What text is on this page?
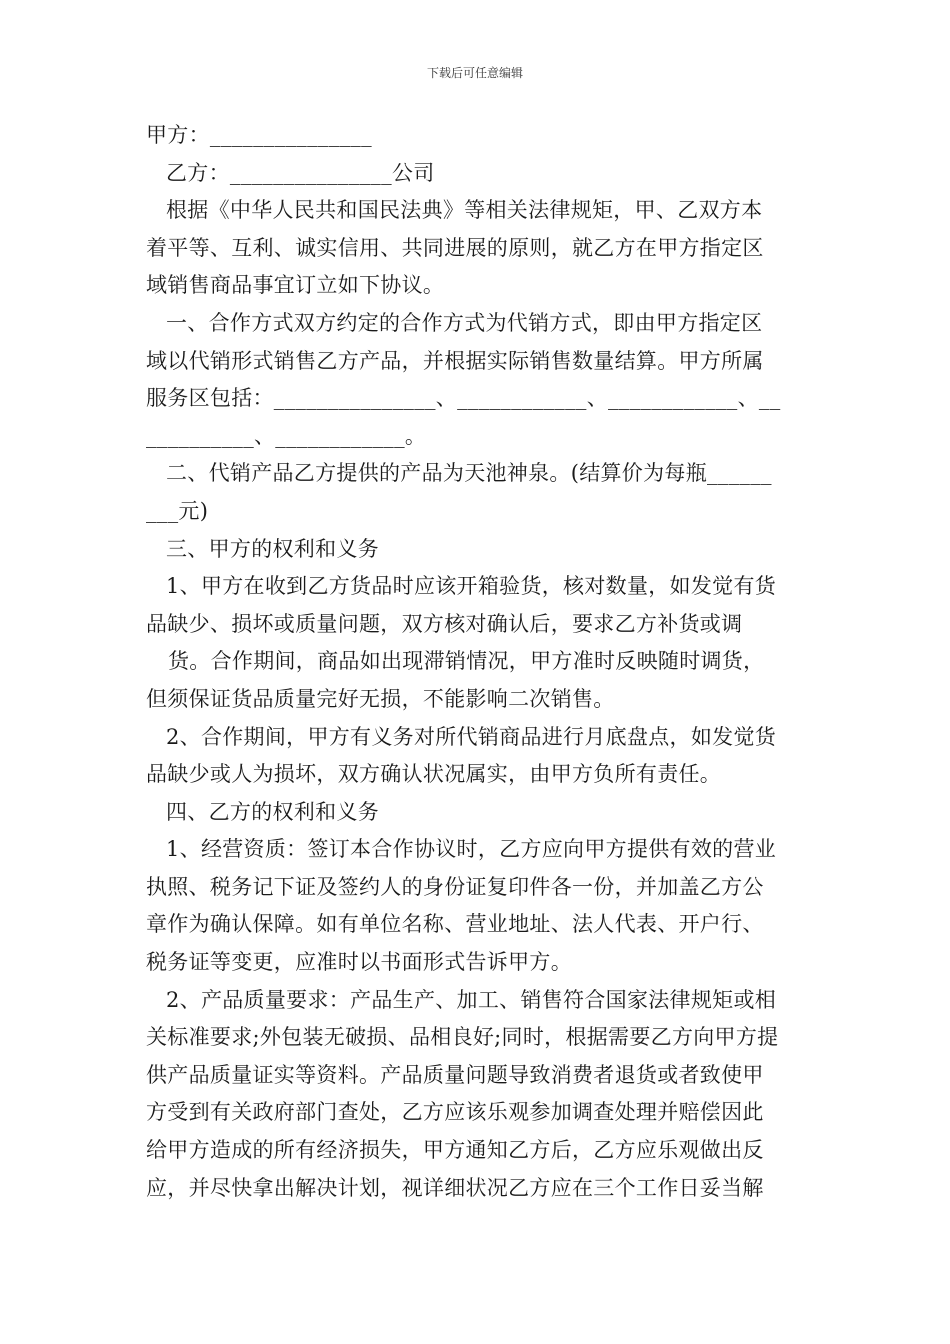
下载后可任意编辑
甲方：_______________
乙方：_______________公司
根据《中华人民共和国民法典》等相关法律规矩，甲、乙双方本
着平等、互利、诚实信用、共同进展的原则，就乙方在甲方指定区
域销售商品事宜订立如下协议。
一、合作方式双方约定的合作方式为代销方式，即由甲方指定区
域以代销形式销售乙方产品，并根据实际销售数量结算。甲方所属
服务区包括：_______________、____________、____________、__
__________、____________。
二、代销产品乙方提供的产品为天池神泉。(结算价为每瓶______
___元)
三、甲方的权利和义务
1、甲方在收到乙方货品时应该开箱验货，核对数量，如发觉有货
品缺少、损坏或质量问题，双方核对确认后，要求乙方补货或调
货。合作期间，商品如出现滞销情况，甲方准时反映随时调货，
但须保证货品质量完好无损，不能影响二次销售。
2、合作期间，甲方有义务对所代销商品进行月底盘点，如发觉货
品缺少或人为损坏，双方确认状况属实，由甲方负所有责任。
四、乙方的权利和义务
1、经营资质：签订本合作协议时，乙方应向甲方提供有效的营业
执照、税务记下证及签约人的身份证复印件各一份，并加盖乙方公
章作为确认保障。如有单位名称、营业地址、法人代表、开户行、
税务证等变更，应准时以书面形式告诉甲方。
2、产品质量要求：产品生产、加工、销售符合国家法律规矩或相
关标准要求;外包装无破损、品相良好;同时，根据需要乙方向甲方提
供产品质量证实等资料。产品质量问题导致消费者退货或者致使甲
方受到有关政府部门查处，乙方应该乐观参加调查处理并赔偿因此
给甲方造成的所有经济损失，甲方通知乙方后，乙方应乐观做出反
应，并尽快拿出解决计划，视详细状况乙方应在三个工作日妥当解
